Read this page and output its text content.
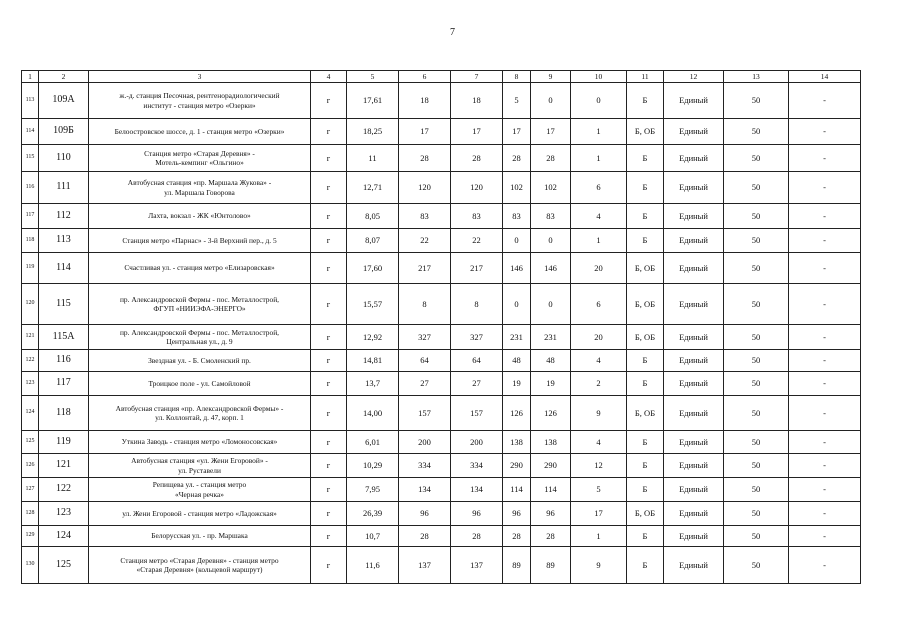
7
1	2	3	4	5	6	7	8	9	10	11	12	13	14
113	109А	ж.-д. станция Песочная, рентгенорадиологический
институт - станция метро «Озерки»	г	17,61	18	18	5	0	0	Б	Единый	50	-
114	109Б	Белоостровское шоссе, д. 1 - станция метро «Озерки»	г	18,25	17	17	17	17	1	Б, ОБ	Единый	50	-
115	110	Станция метро «Старая Деревня» -
Мотель-кемпинг «Ольгино»	г	11	28	28	28	28	1	Б	Единый	50	-
116	111	Автобусная станция «пр. Маршала Жукова» -
ул. Маршала Говорова	г	12,71	120	120	102	102	6	Б	Единый	50	-
117	112	Лахта, вокзал - ЖК «Юнтолово»	г	8,05	83	83	83	83	4	Б	Единый	50	-
118	113	Станция метро «Парнас» - 3-й Верхний пер., д. 5	г	8,07	22	22	0	0	1	Б	Единый	50	-
119	114	Счастливая ул. - станция метро «Елизаровская»	г	17,60	217	217	146	146	20	Б, ОБ	Единый	50	-
120	115	пр. Александровской Фермы - пос. Металлострой,
ФГУП «НИИЭФА-ЭНЕРГО»	г	15,57	8	8	0	0	6	Б, ОБ	Единый	50	-
121	115А	пр. Александровской Фермы - пос. Металлострой,
Центральная ул., д. 9	г	12,92	327	327	231	231	20	Б, ОБ	Единый	50	-
122	116	Звездная ул. - Б. Смоленский пр.	г	14,81	64	64	48	48	4	Б	Единый	50	-
123	117	Троицкое поле - ул. Самойловой	г	13,7	27	27	19	19	2	Б	Единый	50	-
124	118	Автобусная станция «пр. Александровской Фермы» -
ул. Коллонтай, д. 47, корп. 1	г	14,00	157	157	126	126	9	Б, ОБ	Единый	50	-
125	119	Уткина Заводь - станция метро «Ломоносовская»	г	6,01	200	200	138	138	4	Б	Единый	50	-
126	121	Автобусная станция «ул. Жени Егоровой» -
ул. Руставели	г	10,29	334	334	290	290	12	Б	Единый	50	-
127	122	Репищева ул. - станция метро
«Черная речка»	г	7,95	134	134	114	114	5	Б	Единый	50	-
128	123	ул. Жени Егоровой - станция метро «Ладожская»	г	26,39	96	96	96	96	17	Б, ОБ	Единый	50	-
129	124	Белорусская ул. - пр. Маршака	г	10,7	28	28	28	28	1	Б	Единый	50	-
130	125	Станция метро «Старая Деревня» - станция метро
«Старая Деревня» (кольцевой маршрут)	г	11,6	137	137	89	89	9	Б	Единый	50	-
